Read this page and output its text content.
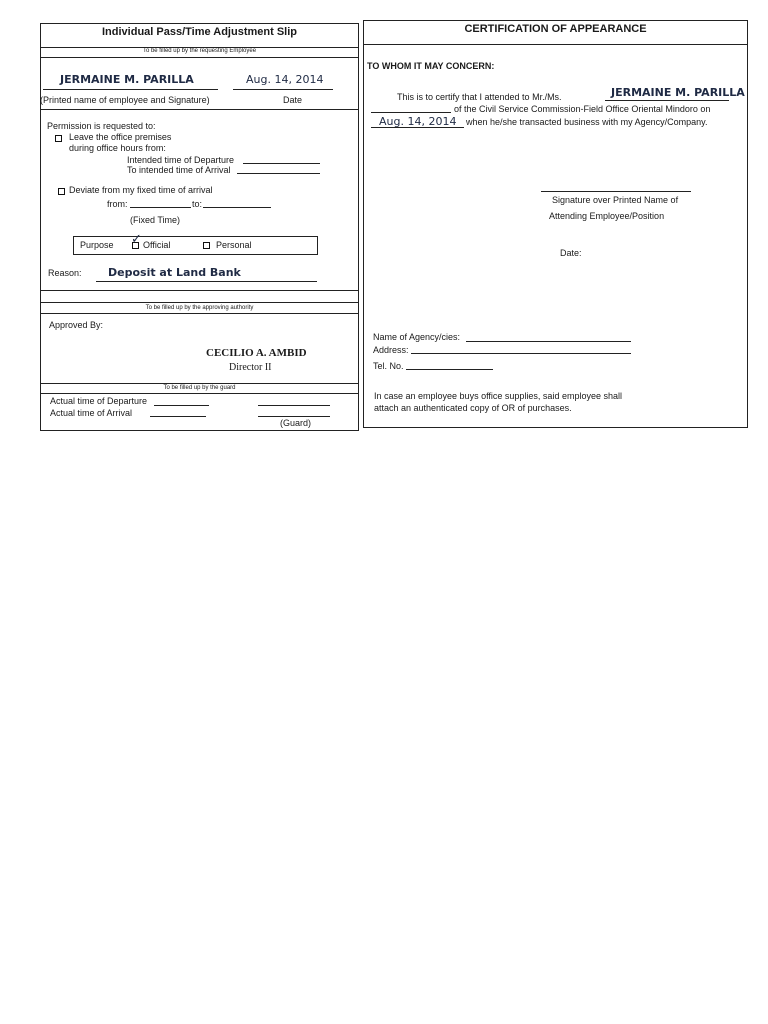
Individual Pass/Time Adjustment Slip
To be filled up by the requesting Employee
JERMAINE M. PARILLA	Aug. 14, 2014
(Printed name of employee and Signature)	Date
Permission is requested to:
Leave the office premises
during office hours from:
Intended time of Departure
To intended time of Arrival
Deviate from my fixed time of arrival
from:	to:
(Fixed Time)
Purpose ✓ Official	Personal
Reason: Deposit at Land Bank
To be filled up by the approving authority
Approved By:
CECILIO A. AMBID
Director II
To be filled up by the guard
Actual time of Departure
Actual time of Arrival
(Guard)
CERTIFICATION OF APPEARANCE
TO WHOM IT MAY CONCERN:
This is to certify that I attended to Mr./Ms.	JERMAINE M. PARILLA
of the Civil Service Commission-Field Office Oriental Mindoro on
Aug. 14, 2014 when he/she transacted business with my Agency/Company.
Signature over Printed Name of
Attending Employee/Position
Date:
Name of Agency/cies:
Address:
Tel. No.
In case an employee buys office supplies, said employee shall
attach an authenticated copy of OR of purchases.
